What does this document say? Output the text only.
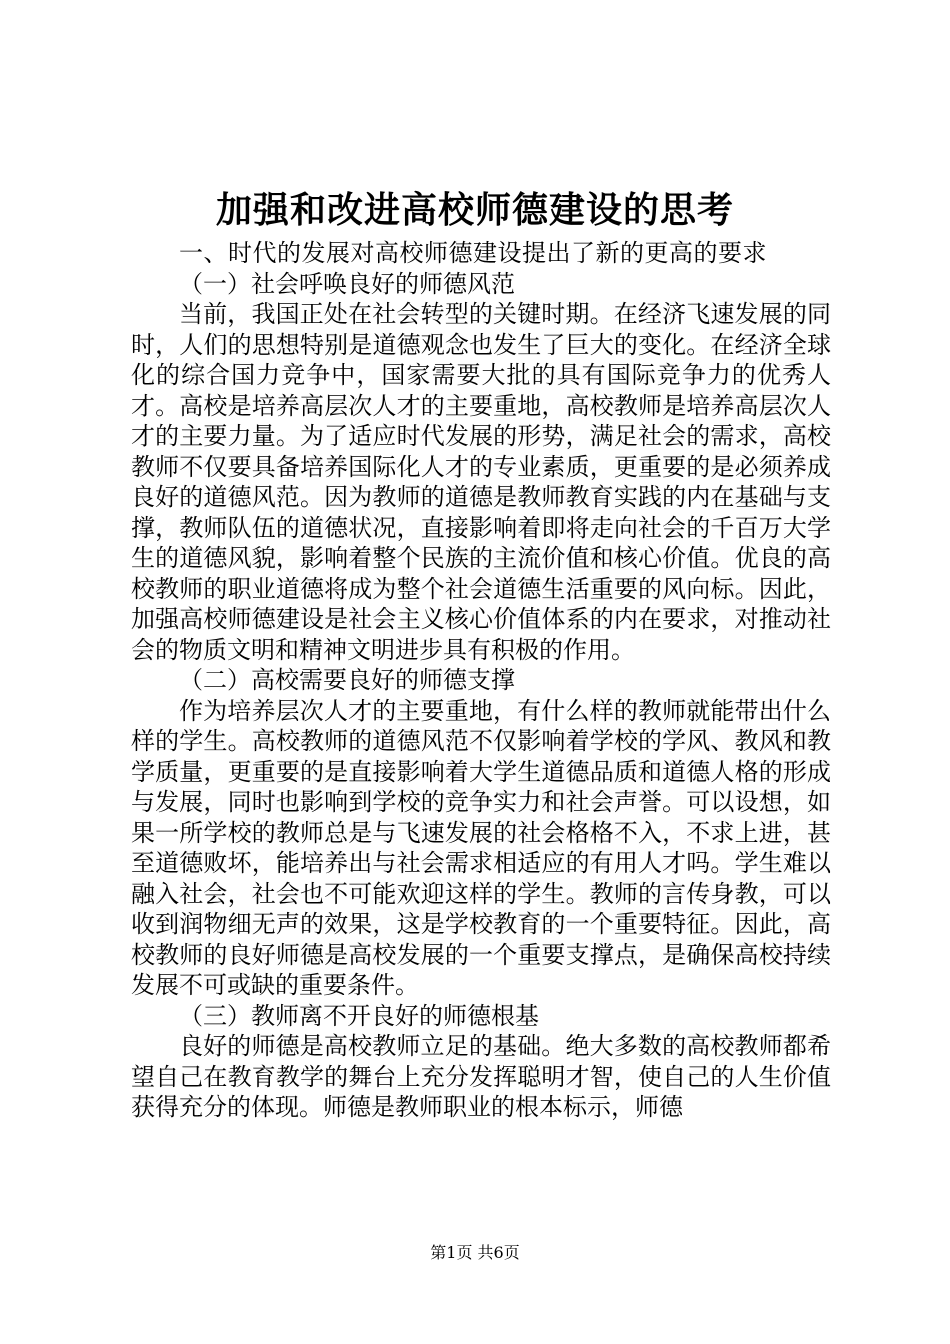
加强和改进高校师德建设的思考

一、时代的发展对高校师德建设提出了新的更高的要求

（一）社会呼唤良好的师德风范

当前，我国正处在社会转型的关键时期。在经济飞速发展的同时，人们的思想特别是道德观念也发生了巨大的变化。在经济全球化的综合国力竞争中，国家需要大批的具有国际竞争力的优秀人才。高校是培养高层次人才的主要重地，高校教师是培养高层次人才的主要力量。为了适应时代发展的形势，满足社会的需求，高校教师不仅要具备培养国际化人才的专业素质，更重要的是必须养成良好的道德风范。因为教师的道德是教师教育实践的内在基础与支撑，教师队伍的道德状况，直接影响着即将走向社会的千百万大学生的道德风貌，影响着整个民族的主流价值和核心价值。优良的高校教师的职业道德将成为整个社会道德生活重要的风向标。因此，加强高校师德建设是社会主义核心价值体系的内在要求，对推动社会的物质文明和精神文明进步具有积极的作用。

（二）高校需要良好的师德支撑

作为培养层次人才的主要重地，有什么样的教师就能带出什么样的学生。高校教师的道德风范不仅影响着学校的学风、教风和教学质量，更重要的是直接影响着大学生道德品质和道德人格的形成与发展，同时也影响到学校的竞争实力和社会声誉。可以设想，如果一所学校的教师总是与飞速发展的社会格格不入，不求上进，甚至道德败坏，能培养出与社会需求相适应的有用人才吗。学生难以融入社会，社会也不可能欢迎这样的学生。教师的言传身教，可以收到润物细无声的效果，这是学校教育的一个重要特征。因此，高校教师的良好师德是高校发展的一个重要支撑点，是确保高校持续发展不可或缺的重要条件。

（三）教师离不开良好的师德根基

良好的师德是高校教师立足的基础。绝大多数的高校教师都希望自己在教育教学的舞台上充分发挥聪明才智，使自己的人生价值获得充分的体现。师德是教师职业的根本标示，师德

第1页 共6页
